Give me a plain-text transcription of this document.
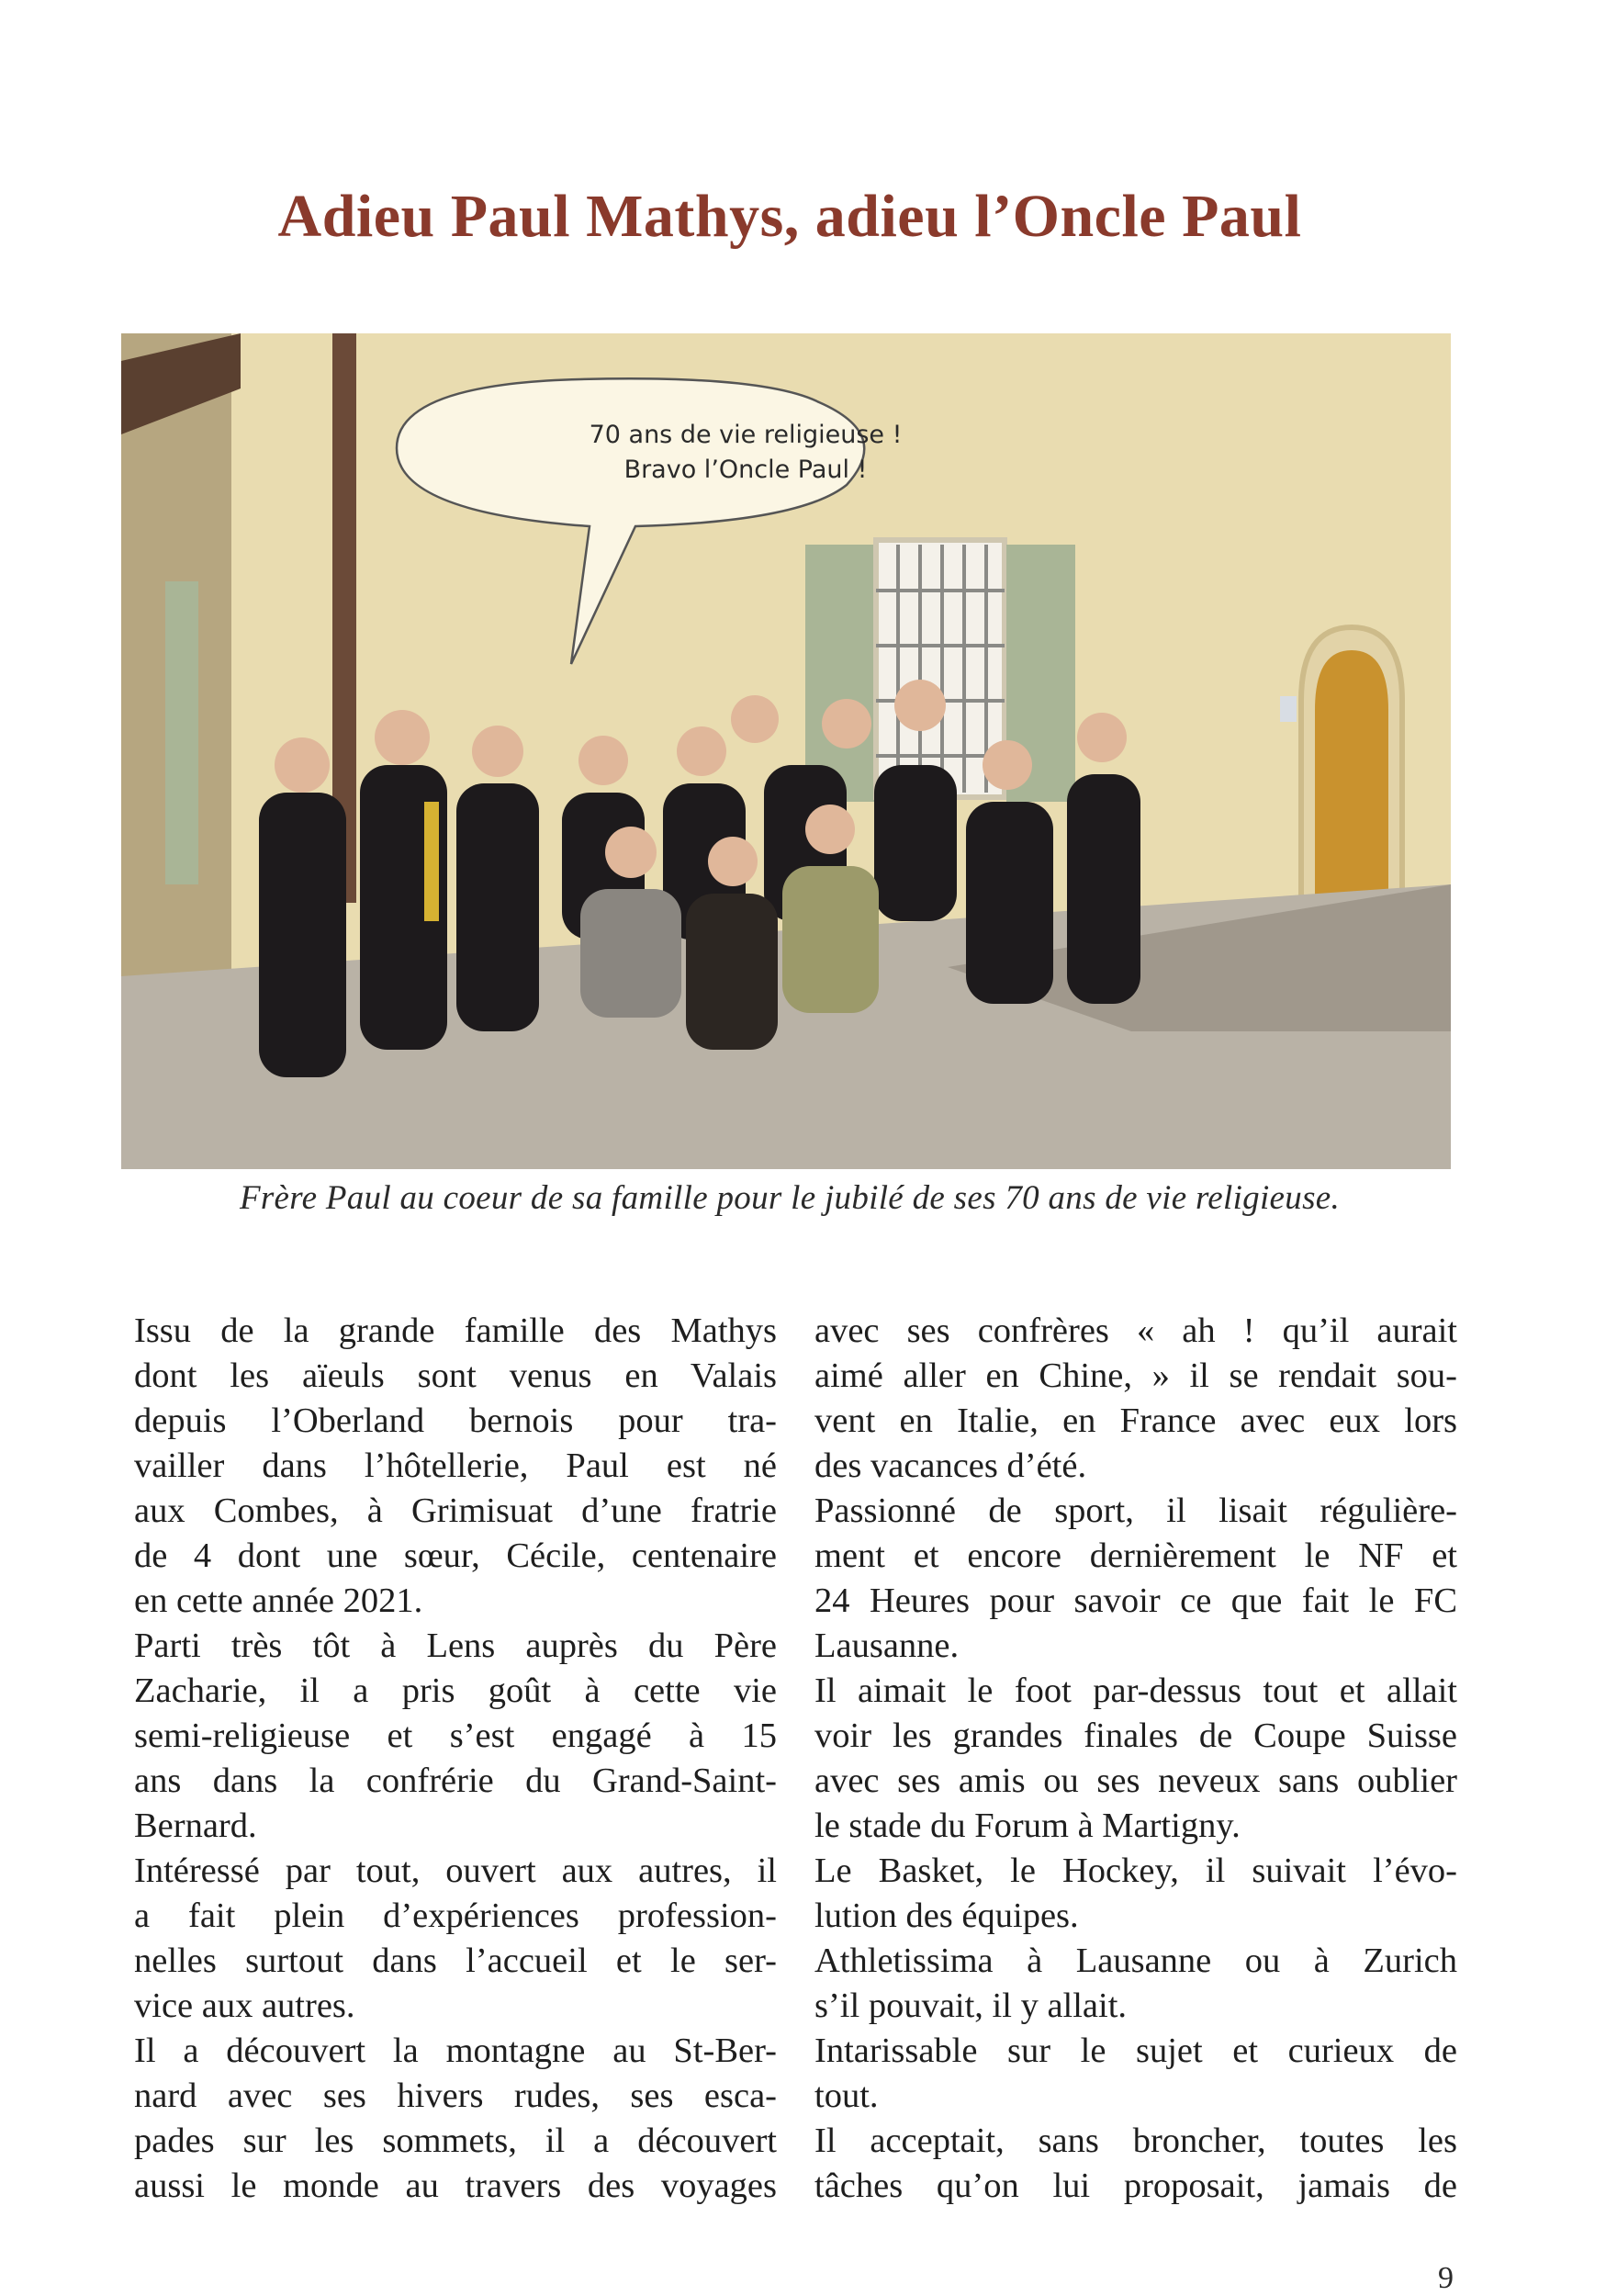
Adieu Paul Mathys, adieu l’Oncle Paul
70 ans de vie religieuse !
Bravo l’Oncle Paul !
Frère Paul au coeur de sa famille pour le jubilé de ses 70 ans de vie religieuse.
Issu de la grande famille des Mathys
dont les aïeuls sont venus en Valais
depuis l’Oberland bernois pour tra-
vailler dans l’hôtellerie, Paul est né
aux Combes, à Grimisuat d’une fratrie
de 4 dont une sœur, Cécile, centenaire
en cette année 2021.
Parti très tôt à Lens auprès du Père
Zacharie, il a pris goût à cette vie
semi-religieuse et s’est engagé à 15
ans dans la confrérie du Grand-Saint-
Bernard.
Intéressé par tout, ouvert aux autres, il
a fait plein d’expériences profession-
nelles surtout dans l’accueil et le ser-
vice aux autres.
Il a découvert la montagne au St-Ber-
nard avec ses hivers rudes, ses esca-
pades sur les sommets, il a découvert
aussi le monde au travers des voyages
avec ses confrères « ah ! qu’il aurait
aimé aller en Chine, » il se rendait sou-
vent en Italie, en France avec eux lors
des vacances d’été.
Passionné de sport, il lisait régulière-
ment et encore dernièrement le NF et
24 Heures pour savoir ce que fait le FC
Lausanne.
Il aimait le foot par-dessus tout et allait
voir les grandes finales de Coupe Suisse
avec ses amis ou ses neveux sans oublier
le stade du Forum à Martigny.
Le Basket, le Hockey, il suivait l’évo-
lution des équipes.
Athletissima à Lausanne ou à Zurich
s’il pouvait, il y allait.
Intarissable sur le sujet et curieux de
tout.
Il acceptait, sans broncher, toutes les
tâches qu’on lui proposait, jamais de
9
